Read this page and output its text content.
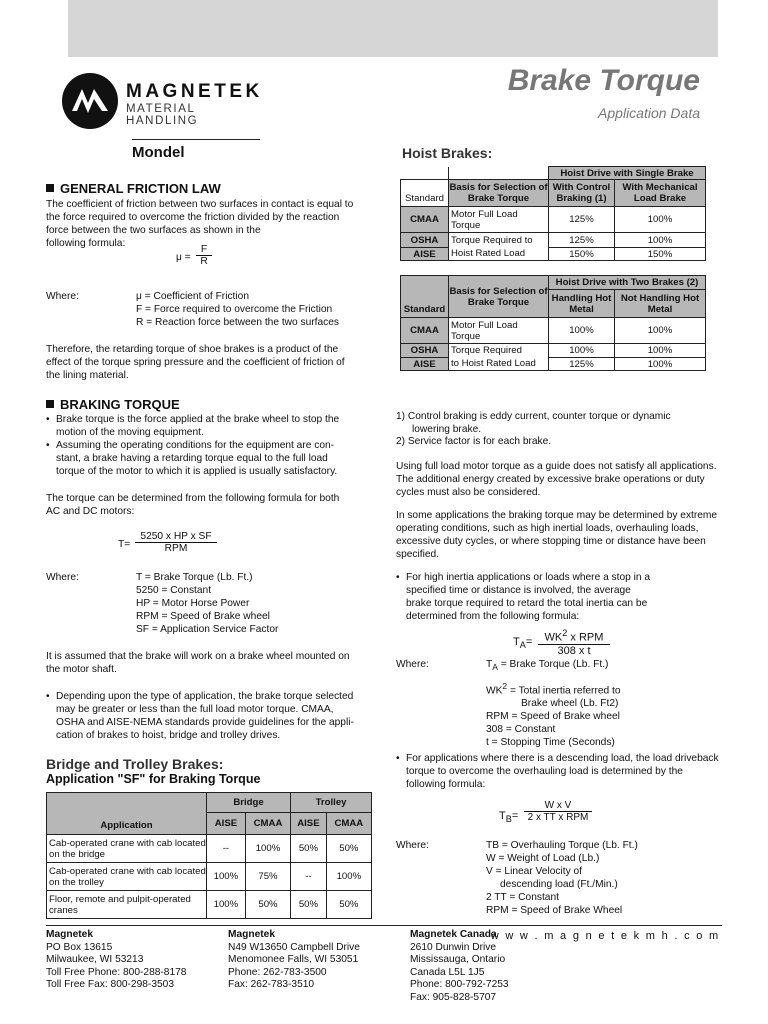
MAGNETEK
MATERIAL HANDLING
Brake Torque
Application Data
Mondel
GENERAL FRICTION LAW
The coefficient of friction between two surfaces in contact is equal to
the force required to overcome the friction divided by the reaction
force between the two surfaces as shown in the
following formula:
$\mu = \frac{F}{R}$
Where:	μ = Coefficient of Friction
F = Force required to overcome the Friction
R = Reaction force between the two surfaces
Therefore, the retarding torque of shoe brakes is a product of the
effect of the torque spring pressure and the coefficient of friction of
the lining material.
BRAKING TORQUE
• Brake torque is the force applied at the brake wheel to stop the
motion of the moving equipment.
• Assuming the operating conditions for the equipment are con-
stant, a brake having a retarding torque equal to the full load
torque of the motor to which it is applied is usually satisfactory.
The torque can be determined from the following formula for both
AC and DC motors:
T=
5250 x HP x SF
RPM
Where:	T = Brake Torque (Lb. Ft.)
5250 = Constant
HP = Motor Horse Power
RPM = Speed of Brake wheel
SF = Application Service Factor
It is assumed that the brake will work on a brake wheel mounted on
the motor shaft.
• Depending upon the type of application, the brake torque selected
may be greater or less than the full load motor torque. CMAA,
OSHA and AISE-NEMA standards provide guidelines for the appli-
cation of brakes to hoist, bridge and trolley drives.
Bridge and Trolley Brakes:
Application "SF" for Braking Torque
Application	Bridge		Trolley	
	AISE	CMAA	AISE	CMAA
Cab-operated crane with cab located on the bridge	--	100%	50%	50%
Cab-operated crane with cab located on the trolley	100%	75%	--	100%
Floor, remote and pulpit-operated cranes	100%	50%	50%	50%
Hoist Brakes:
		Hoist Drive with Single Brake	
Standard	Basis for Selection of Brake Torque	With Control Braking (1)	With Mechanical Load Brake
CMAA	Motor Full Load Torque	125%	100%
OSHA	Torque Required to	125%	100%
AISE	Hoist Rated Load	150%	150%
Standard	Basis for Selection of Brake Torque	Hoist Drive with Two Brakes (2)	
		Handling Hot Metal	Not Handling Hot Metal
CMAA	Motor Full Load Torque	100%	100%
OSHA	Torque Required	100%	100%
AISE	to Hoist Rated Load	125%	100%
1) Control braking is eddy current, counter torque or dynamic
lowering brake.
2) Service factor is for each brake.
Using full load motor torque as a guide does not satisfy all applications.
The additional energy created by excessive brake operations or duty
cycles must also be considered.
In some applications the braking torque may be determined by extreme
operating conditions, such as high inertial loads, overhauling loads,
excessive duty cycles, or where stopping time or distance have been
specified.
• For high inertia applications or loads where a stop in a
specified time or distance is involved, the average
brake torque required to retard the total inertia can be
determined from the following formula:
$T_A=$	$WK^2$ x RPM
308 x t
Where:	$T_A$ = Brake Torque (Lb. Ft.)
$WK^2$ = Total inertia referred to
Brake wheel (Lb. Ft2)
RPM = Speed of Brake wheel
308 = Constant
t = Stopping Time (Seconds)
• For applications where there is a descending load, the load driveback
torque to overcome the overhauling load is determined by the
following formula:
$T_B=$
W x V
2 x TT x RPM
Where:	TB = Overhauling Torque (Lb. Ft.)
W = Weight of Load (Lb.)
V = Linear Velocity of
descending load (Ft./Min.)
2 TT = Constant
RPM = Speed of Brake Wheel
Magnetek
PO Box 13615
Milwaukee, WI 53213
Toll Free Phone: 800-288-8178
Toll Free Fax: 800-298-3503
Magnetek
N49 W13650 Campbell Drive
Menomonee Falls, WI 53051
Phone: 262-783-3500
Fax: 262-783-3510
Magnetek Canada
2610 Dunwin Drive
Mississauga, Ontario
Canada L5L 1J5
Phone: 800-792-7253
Fax: 905-828-5707
w w w . m a g n e t e k m h . c o m
